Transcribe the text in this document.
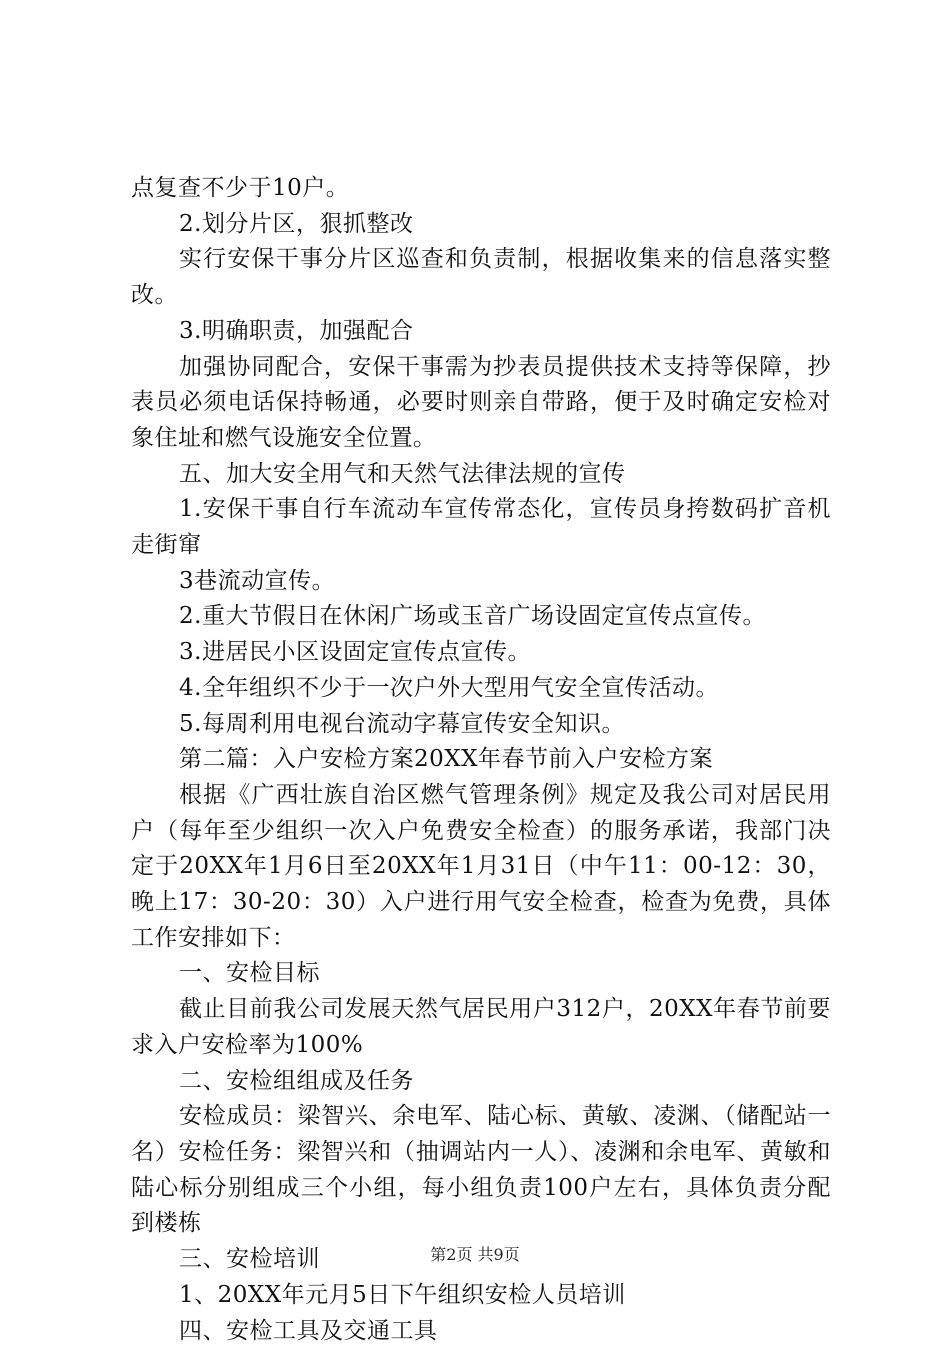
点复查不少于10户。

2.划分片区，狠抓整改

实行安保干事分片区巡查和负责制，根据收集来的信息落实整改。

3.明确职责，加强配合

加强协同配合，安保干事需为抄表员提供技术支持等保障，抄表员必须电话保持畅通，必要时则亲自带路，便于及时确定安检对象住址和燃气设施安全位置。

五、加大安全用气和天然气法律法规的宣传

1.安保干事自行车流动车宣传常态化，宣传员身挎数码扩音机走街窜

3巷流动宣传。

2.重大节假日在休闲广场或玉音广场设固定宣传点宣传。

3.进居民小区设固定宣传点宣传。

4.全年组织不少于一次户外大型用气安全宣传活动。

5.每周利用电视台流动字幕宣传安全知识。

第二篇：入户安检方案20XX年春节前入户安检方案

根据《广西壮族自治区燃气管理条例》规定及我公司对居民用户（每年至少组织一次入户免费安全检查）的服务承诺，我部门决定于20XX年1月6日至20XX年1月31日（中午11：00-12：30，晚上17：30-20：30）入户进行用气安全检查，检查为免费，具体工作安排如下：

一、安检目标

截止目前我公司发展天然气居民用户312户，20XX年春节前要求入户安检率为100%

二、安检组组成及任务

安检成员：梁智兴、余电军、陆心标、黄敏、凌渊、（储配站一名）安检任务：梁智兴和（抽调站内一人）、凌渊和余电军、黄敏和陆心标分别组成三个小组，每小组负责100户左右，具体负责分配到楼栋

三、安检培训

1、20XX年元月5日下午组织安检人员培训

四、安检工具及交通工具

第2页 共9页
